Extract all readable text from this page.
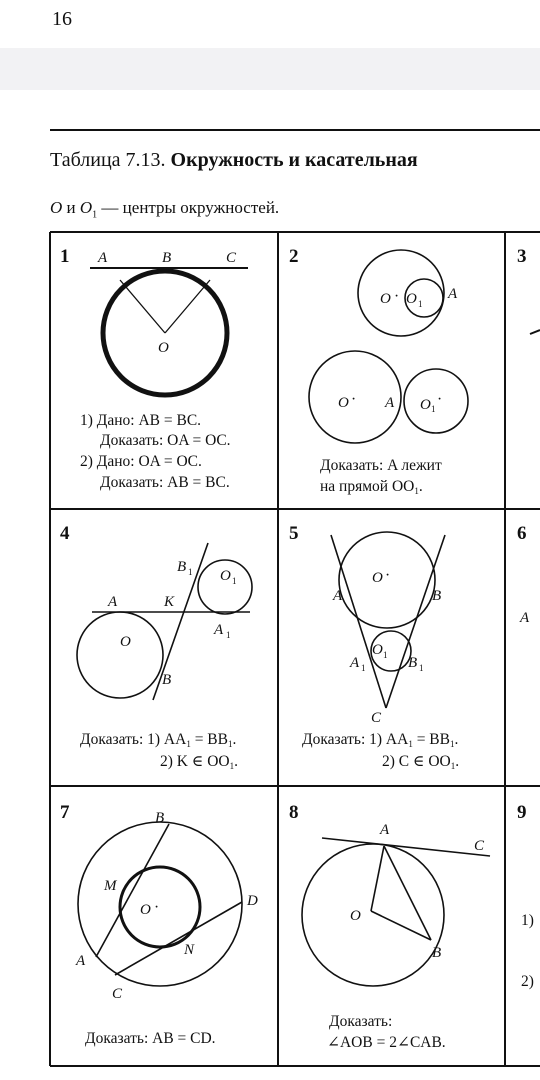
16
Таблица 7.13. Окружность и касательная
O и $O_1$ — центры окружностей.
1 A	B	C
O
1) Дано: AB = BC.
Доказать: OA = OC.
2) Дано: OA = OC.
Доказать: AB = BC.
2
O · O 1
A
O · A O 1
·
Доказать: A лежит
на прямой OO1.
3
4
B 1 O 1
A	K
A 1
O
B
Доказать: 1) AA1 = BB1.
2) K ∈ OO1.
5
O ·
A	B
O 1
A 1	B 1
C
Доказать: 1) AA1 = BB1.
2) C ∈ OO1.
6
A
7	B
M
O ·	D
N
A
C
Доказать: AB = CD.
8
A
C
O
B
Доказать:
∠AOB = 2∠CAB.
9
1)
2)
